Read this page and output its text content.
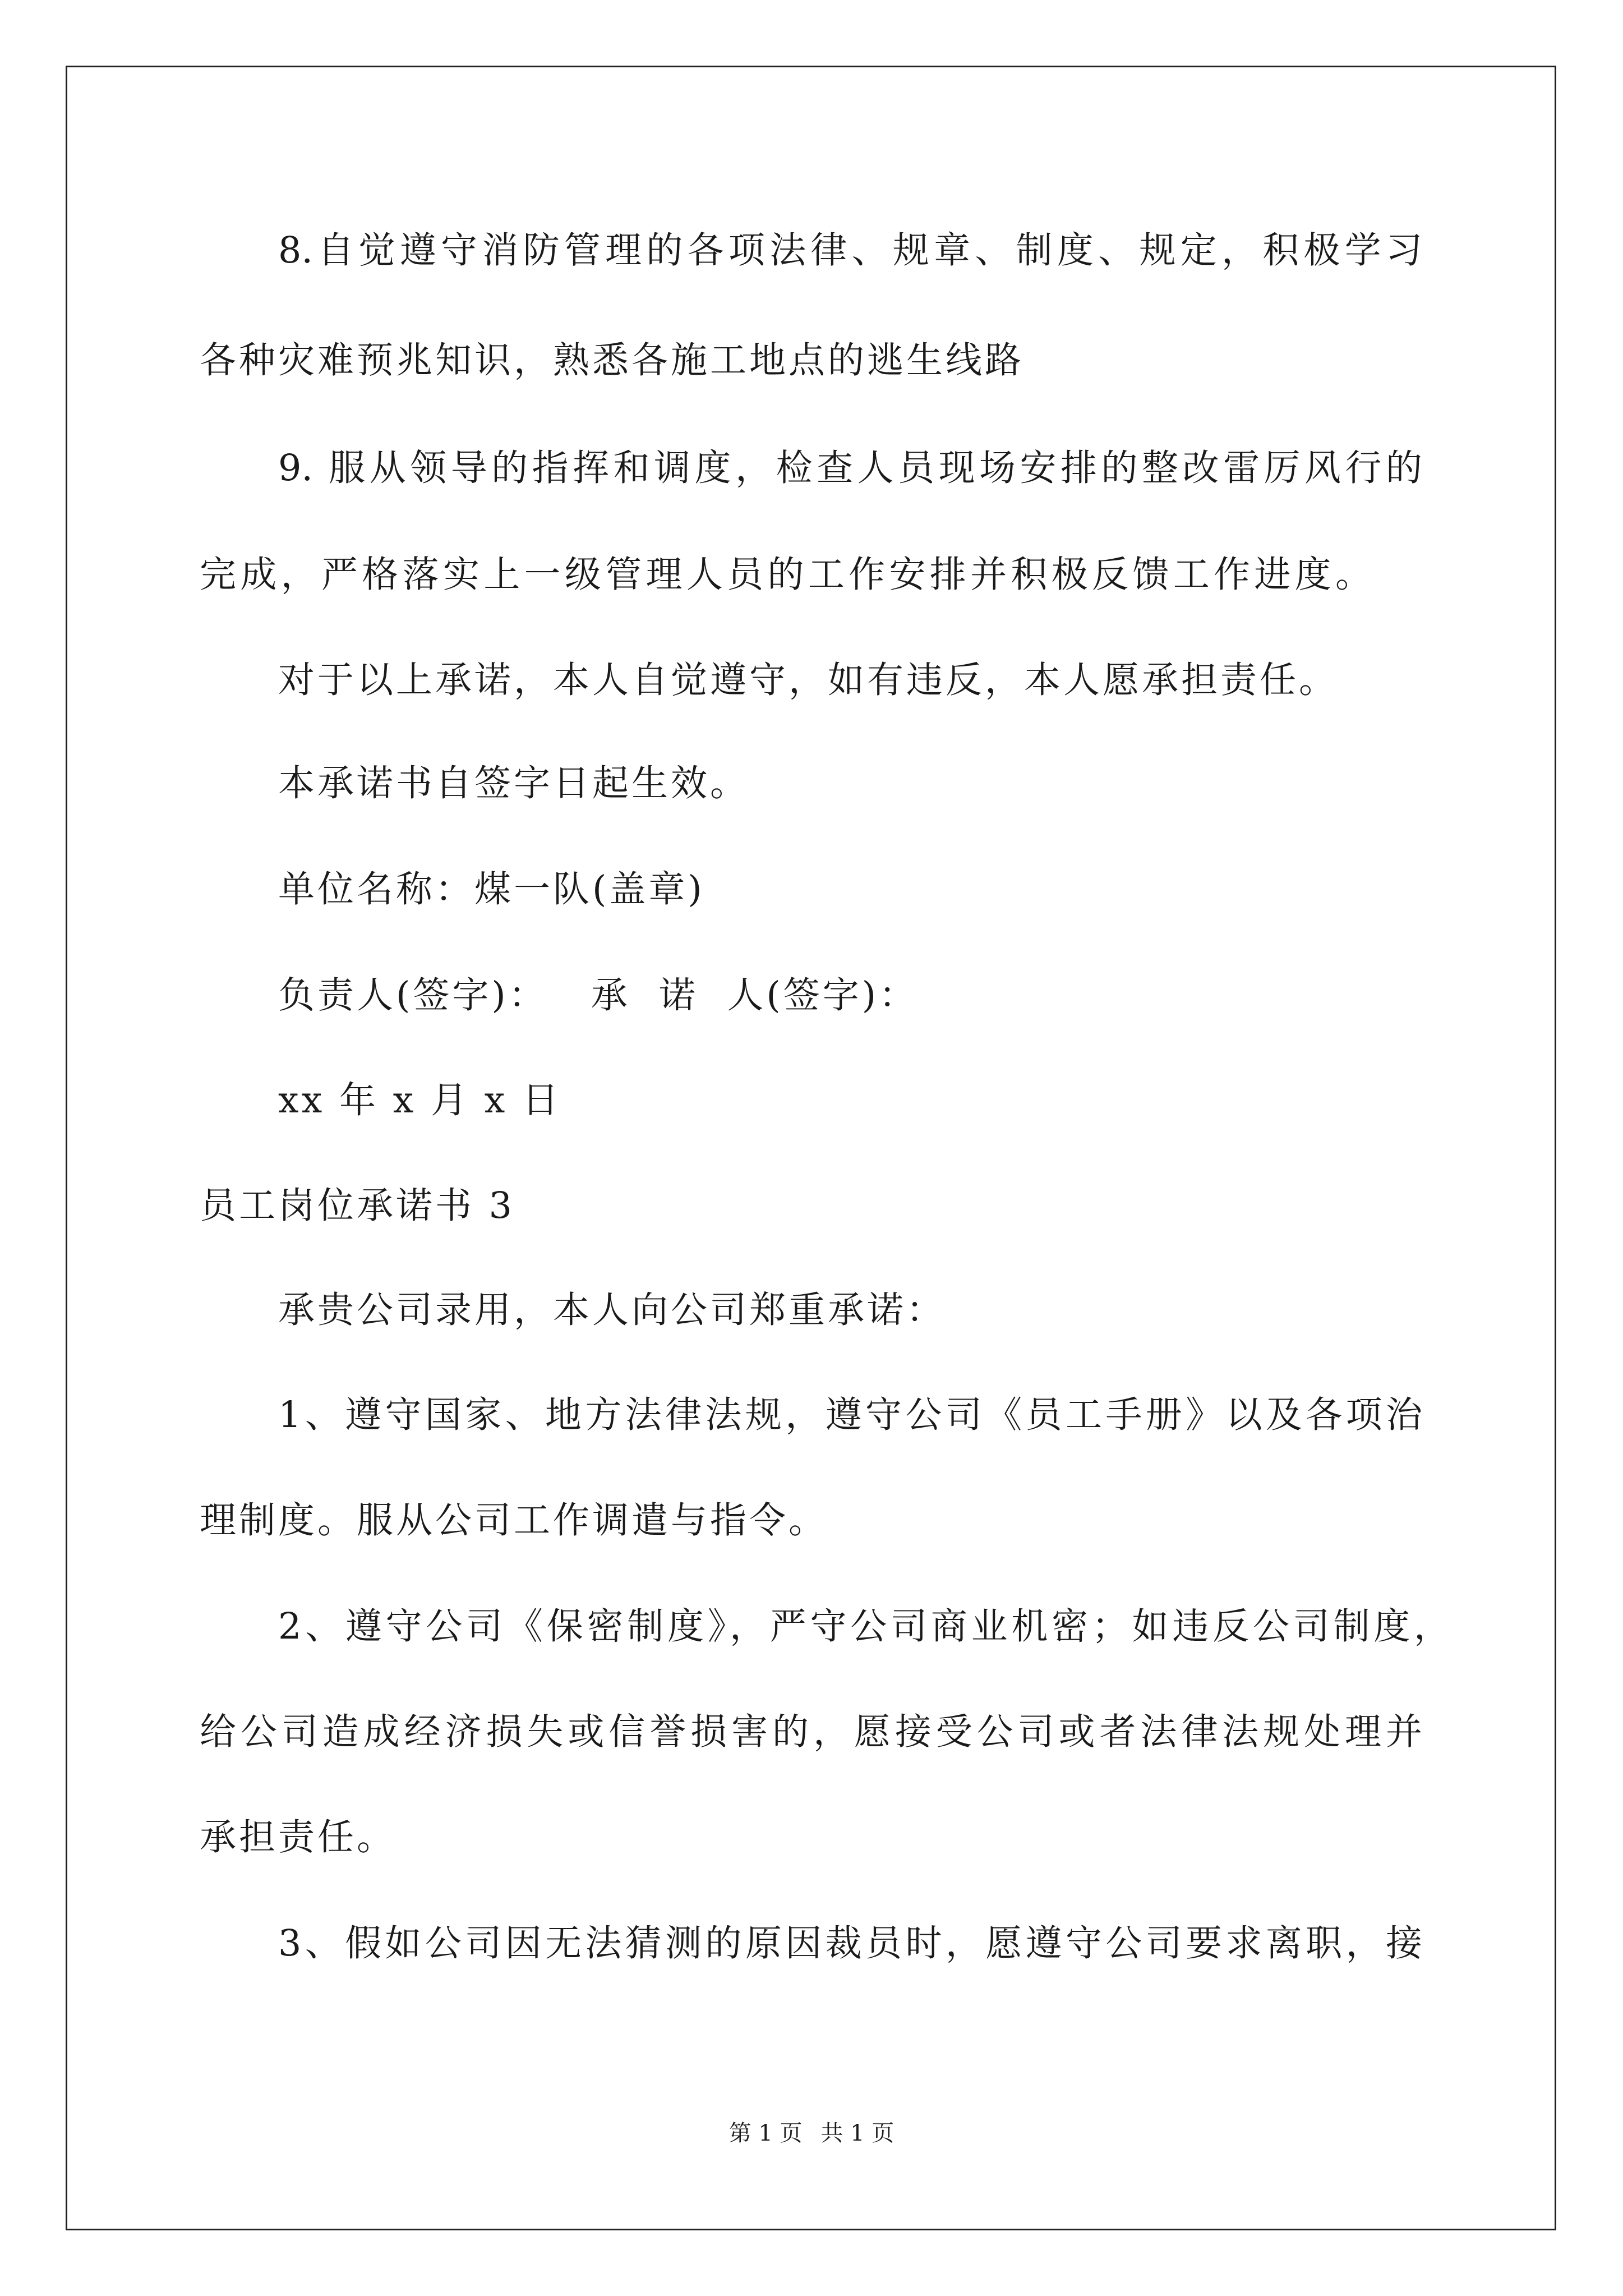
8.自觉遵守消防管理的各项法律、规章、制度、规定，积极学习
各种灾难预兆知识，熟悉各施工地点的逃生线路
9. 服从领导的指挥和调度，检查人员现场安排的整改雷厉风行的
完成，严格落实上一级管理人员的工作安排并积极反馈工作进度。
对于以上承诺，本人自觉遵守，如有违反，本人愿承担责任。
本承诺书自签字日起生效。
单位名称：煤一队(盖章)
负责人(签字)：   承  诺  人(签字)：
xx 年 x 月 x 日
员工岗位承诺书 3
承贵公司录用，本人向公司郑重承诺：
1、遵守国家、地方法律法规，遵守公司《员工手册》以及各项治
理制度。服从公司工作调遣与指令。
2、遵守公司《保密制度》，严守公司商业机密；如违反公司制度，
给公司造成经济损失或信誉损害的，愿接受公司或者法律法规处理并
承担责任。
3、假如公司因无法猜测的原因裁员时，愿遵守公司要求离职，接
第 1 页 共 1 页
